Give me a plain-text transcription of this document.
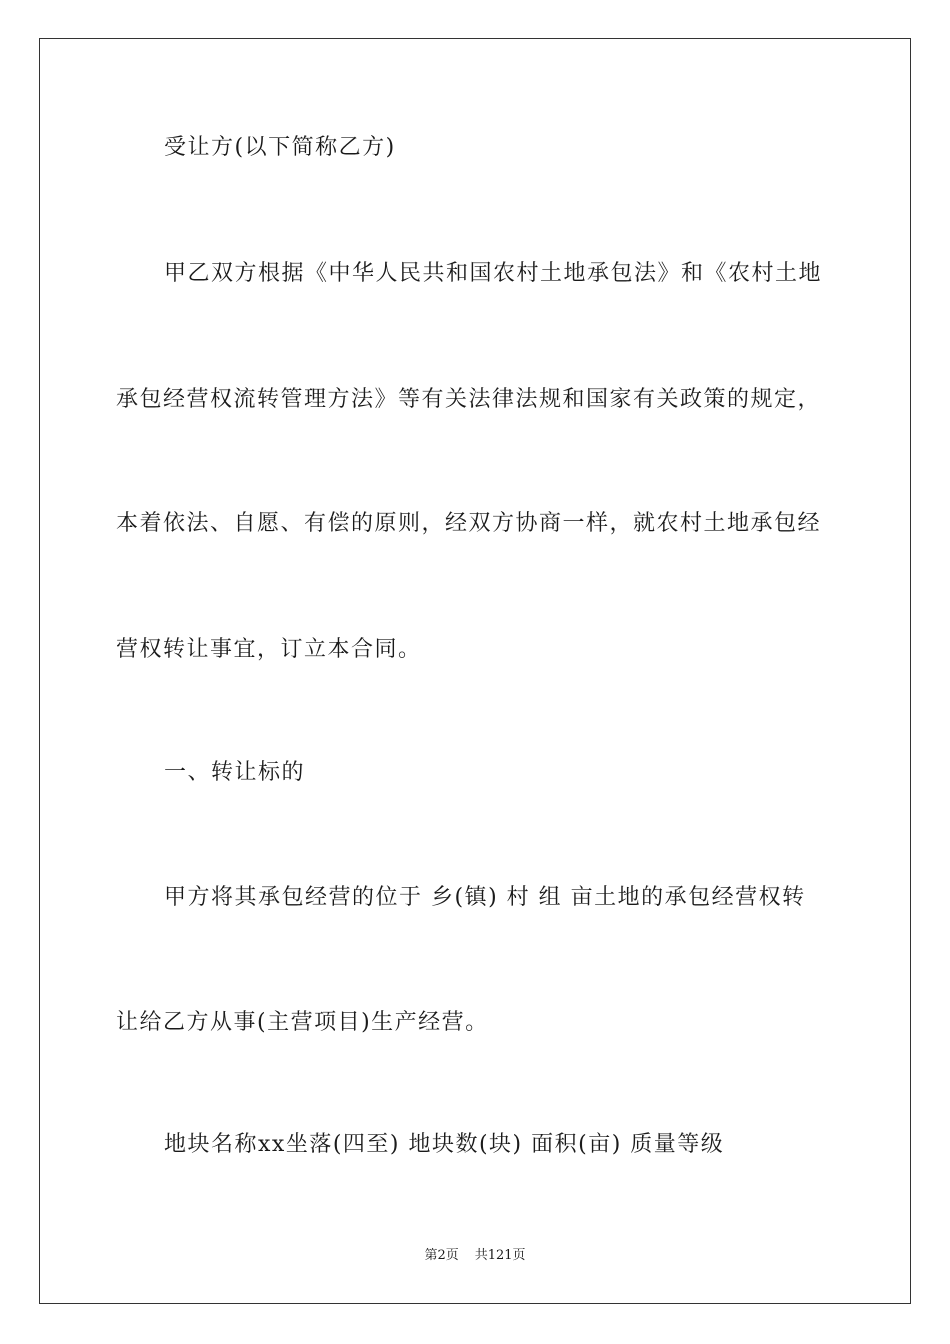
受让方(以下简称乙方)
甲乙双方根据《中华人民共和国农村土地承包法》和《农村土地
承包经营权流转管理方法》等有关法律法规和国家有关政策的规定，
本着依法、自愿、有偿的原则，经双方协商一样，就农村土地承包经
营权转让事宜，订立本合同。
一、转让标的
甲方将其承包经营的位于 乡(镇) 村 组 亩土地的承包经营权转
让给乙方从事(主营项目)生产经营。
地块名称xx坐落(四至) 地块数(块) 面积(亩) 质量等级
第2页 共121页
